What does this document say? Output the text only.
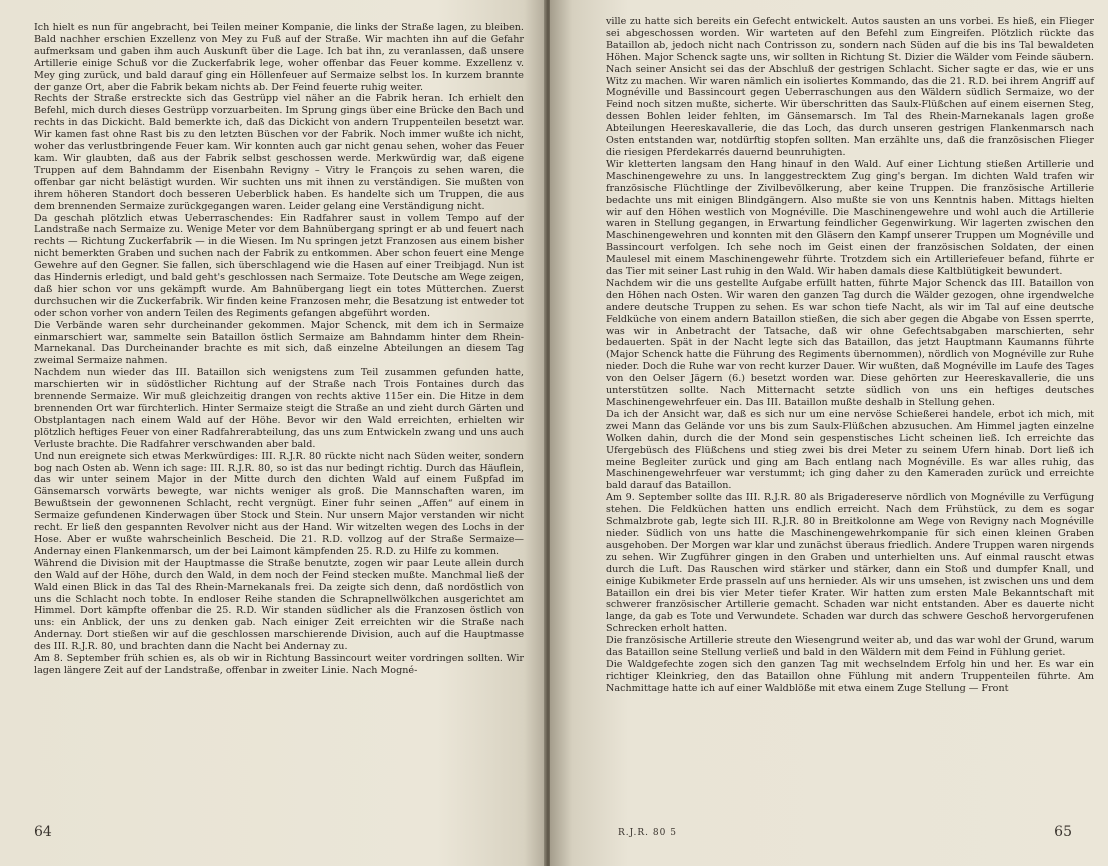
Ich hielt es nun für angebracht, bei Teilen meiner Kompanie, die links der Straße lagen, zu bleiben. Bald nachher erschien Exzellenz von Mey zu Fuß auf der Straße. Wir machten ihn auf die Gefahr aufmerksam und gaben ihm auch Auskunft über die Lage. Ich bat ihn, zu veranlassen, daß unsere Artillerie einige Schuß vor die Zuckerfabrik lege, woher offenbar das Feuer komme. Exzellenz v. Mey ging zurück, und bald darauf ging ein Höllenfeuer auf Sermaize selbst los. In kurzem brannte der ganze Ort, aber die Fabrik bekam nichts ab. Der Feind feuerte ruhig weiter.

Rechts der Straße erstreckte sich das Gestrüpp viel näher an die Fabrik heran. Ich erhielt den Befehl, mich durch dieses Gestrüpp vorzuarbeiten. Im Sprung gings über eine Brücke den Bach und rechts in das Dickicht. Bald bemerkte ich, daß das Dickicht von andern Truppenteilen besetzt war. Wir kamen fast ohne Rast bis zu den letzten Büschen vor der Fabrik. Noch immer wußte ich nicht, woher das verlustbringende Feuer kam. Wir konnten auch gar nicht genau sehen, woher das Feuer kam. Wir glaubten, daß aus der Fabrik selbst geschossen werde. Merkwürdig war, daß eigene Truppen auf dem Bahndamm der Eisenbahn Revigny – Vitry le François zu sehen waren, die offenbar gar nicht belästigt wurden. Wir suchten uns mit ihnen zu verständigen. Sie mußten von ihrem höheren Standort doch besseren Ueberblick haben. Es handelte sich um Truppen, die aus dem brennenden Sermaize zurückgegangen waren. Leider gelang eine Verständigung nicht.

Da geschah plötzlich etwas Ueberraschendes: Ein Radfahrer saust in vollem Tempo auf der Landstraße nach Sermaize zu. Wenige Meter vor dem Bahnübergang springt er ab und feuert nach rechts — Richtung Zuckerfabrik — in die Wiesen. Im Nu springen jetzt Franzosen aus einem bisher nicht bemerkten Graben und suchen nach der Fabrik zu entkommen. Aber schon feuert eine Menge Gewehre auf den Gegner. Sie fallen, sich überschlagend wie die Hasen auf einer Treibjagd. Nun ist das Hindernis erledigt, und bald geht's geschlossen nach Sermaize. Tote Deutsche am Wege zeigen, daß hier schon vor uns gekämpft wurde. Am Bahnübergang liegt ein totes Mütterchen. Zuerst durchsuchen wir die Zuckerfabrik. Wir finden keine Franzosen mehr, die Besatzung ist entweder tot oder schon vorher von andern Teilen des Regiments gefangen abgeführt worden.

Die Verbände waren sehr durcheinander gekommen. Major Schenck, mit dem ich in Sermaize einmarschiert war, sammelte sein Bataillon östlich Sermaize am Bahndamm hinter dem Rhein-Marnekanal. Das Durcheinander brachte es mit sich, daß einzelne Abteilungen an diesem Tag zweimal Sermaize nahmen.

Nachdem nun wieder das III. Bataillon sich wenigstens zum Teil zusammen gefunden hatte, marschierten wir in südöstlicher Richtung auf der Straße nach Trois Fontaines durch das brennende Sermaize. Wir muß gleichzeitig drangen von rechts aktive 115er ein. Die Hitze in dem brennenden Ort war fürchterlich. Hinter Sermaize steigt die Straße an und zieht durch Gärten und Obstplantagen nach einem Wald auf der Höhe. Bevor wir den Wald erreichten, erhielten wir plötzlich heftiges Feuer von einer Radfahrerabteilung, das uns zum Entwickeln zwang und uns auch Verluste brachte. Die Radfahrer verschwanden aber bald.

Und nun ereignete sich etwas Merkwürdiges: III. R.J.R. 80 rückte nicht nach Süden weiter, sondern bog nach Osten ab. Wenn ich sage: III. R.J.R. 80, so ist das nur bedingt richtig. Durch das Häuflein, das wir unter seinem Major in der Mitte durch den dichten Wald auf einem Fußpfad im Gänsemarsch vorwärts bewegte, war nichts weniger als groß. Die Mannschaften waren, im Bewußtsein der gewonnenen Schlacht, recht vergnügt. Einer fuhr seinen „Affen“ auf einem in Sermaize gefundenen Kinderwagen über Stock und Stein. Nur unsern Major verstanden wir nicht recht. Er ließ den gespannten Revolver nicht aus der Hand. Wir witzelten wegen des Lochs in der Hose. Aber er wußte wahrscheinlich Bescheid. Die 21. R.D. vollzog auf der Straße Sermaize—Andernay einen Flankenmarsch, um der bei Laimont kämpfenden 25. R.D. zu Hilfe zu kommen.

Während die Division mit der Hauptmasse die Straße benutzte, zogen wir paar Leute allein durch den Wald auf der Höhe, durch den Wald, in dem noch der Feind stecken mußte. Manchmal ließ der Wald einen Blick in das Tal des Rhein-Marnekanals frei. Da zeigte sich denn, daß nordöstlich von uns die Schlacht noch tobte. In endloser Reihe standen die Schrapnellwölkchen ausgerichtet am Himmel. Dort kämpfte offenbar die 25. R.D. Wir standen südlicher als die Franzosen östlich von uns: ein Anblick, der uns zu denken gab. Nach einiger Zeit erreichten wir die Straße nach Andernay. Dort stießen wir auf die geschlossen marschierende Division, auch auf die Hauptmasse des III. R.J.R. 80, und brachten dann die Nacht bei Andernay zu.

Am 8. September früh schien es, als ob wir in Richtung Bassincourt weiter vordringen sollten. Wir lagen längere Zeit auf der Landstraße, offenbar in zweiter Linie. Nach Mogné-

64

ville zu hatte sich bereits ein Gefecht entwickelt. Autos sausten an uns vorbei. Es hieß, ein Flieger sei abgeschossen worden. Wir warteten auf den Befehl zum Eingreifen. Plötzlich rückte das Bataillon ab, jedoch nicht nach Contrisson zu, sondern nach Süden auf die bis ins Tal bewaldeten Höhen. Major Schenck sagte uns, wir sollten in Richtung St. Dizier die Wälder vom Feinde säubern. Nach seiner Ansicht sei das der Abschluß der gestrigen Schlacht. Sicher sagte er das, wie er uns Witz zu machen. Wir waren nämlich ein isoliertes Kommando, das die 21. R.D. bei ihrem Angriff auf Mognéville und Bassincourt gegen Ueberraschungen aus den Wäldern südlich Sermaize, wo der Feind noch sitzen mußte, sicherte. Wir überschritten das Saulx-Flüßchen auf einem eisernen Steg, dessen Bohlen leider fehlten, im Gänsemarsch. Im Tal des Rhein-Marnekanals lagen große Abteilungen Heereskavallerie, die das Loch, das durch unseren gestrigen Flankenmarsch nach Osten entstanden war, notdürftig stopfen sollten. Man erzählte uns, daß die französischen Flieger die riesigen Pferdekarrés dauernd beunruhigten.

Wir kletterten langsam den Hang hinauf in den Wald. Auf einer Lichtung stießen Artillerie und Maschinengewehre zu uns. In langgestrecktem Zug ging's bergan. Im dichten Wald trafen wir französische Flüchtlinge der Zivilbevölkerung, aber keine Truppen. Die französische Artillerie bedachte uns mit einigen Blindgängern. Also mußte sie von uns Kenntnis haben. Mittags hielten wir auf den Höhen westlich von Mognéville. Die Maschinengewehre und wohl auch die Artillerie waren in Stellung gegangen, in Erwartung feindlicher Gegenwirkung. Wir lagerten zwischen den Maschinengewehren und konnten mit den Gläsern den Kampf unserer Truppen um Mognéville und Bassincourt verfolgen. Ich sehe noch im Geist einen der französischen Soldaten, der einen Maulesel mit einem Maschinengewehr führte. Trotzdem sich ein Artilleriefeuer befand, führte er das Tier mit seiner Last ruhig in den Wald. Wir haben damals diese Kaltblütigkeit bewundert.

Nachdem wir die uns gestellte Aufgabe erfüllt hatten, führte Major Schenck das III. Bataillon von den Höhen nach Osten. Wir waren den ganzen Tag durch die Wälder gezogen, ohne irgendwelche andere deutsche Truppen zu sehen. Es war schon tiefe Nacht, als wir im Tal auf eine deutsche Feldküche von einem andern Bataillon stießen, die sich aber gegen die Abgabe von Essen sperrte, was wir in Anbetracht der Tatsache, daß wir ohne Gefechtsabgaben marschierten, sehr bedauerten. Spät in der Nacht legte sich das Bataillon, das jetzt Hauptmann Kaumanns führte (Major Schenck hatte die Führung des Regiments übernommen), nördlich von Mognéville zur Ruhe nieder. Doch die Ruhe war von recht kurzer Dauer. Wir wußten, daß Mognéville im Laufe des Tages von den Oelser Jägern (6.) besetzt worden war. Diese gehörten zur Heereskavallerie, die uns unterstützen sollte. Nach Mitternacht setzte südlich von uns ein heftiges deutsches Maschinengewehrfeuer ein. Das III. Bataillon mußte deshalb in Stellung gehen.

Da ich der Ansicht war, daß es sich nur um eine nervöse Schießerei handele, erbot ich mich, mit zwei Mann das Gelände vor uns bis zum Saulx-Flüßchen abzusuchen. Am Himmel jagten einzelne Wolken dahin, durch die der Mond sein gespenstisches Licht scheinen ließ. Ich erreichte das Ufergebüsch des Flüßchens und stieg zwei bis drei Meter zu seinem Ufern hinab. Dort ließ ich meine Begleiter zurück und ging am Bach entlang nach Mognéville. Es war alles ruhig, das Maschinengewehrfeuer war verstummt; ich ging daher zu den Kameraden zurück und erreichte bald darauf das Bataillon.

Am 9. September sollte das III. R.J.R. 80 als Brigadereserve nördlich von Mognéville zu Verfügung stehen. Die Feldküchen hatten uns endlich erreicht. Nach dem Frühstück, zu dem es sogar Schmalzbrote gab, legte sich III. R.J.R. 80 in Breitkolonne am Wege von Revigny nach Mognéville nieder. Südlich von uns hatte die Maschinengewehrkompanie für sich einen kleinen Graben ausgehoben. Der Morgen war klar und zunächst überaus friedlich. Andere Truppen waren nirgends zu sehen. Wir Zugführer gingen in den Graben und unterhielten uns. Auf einmal rauscht etwas durch die Luft. Das Rauschen wird stärker und stärker, dann ein Stoß und dumpfer Knall, und einige Kubikmeter Erde prasseln auf uns hernieder. Als wir uns umsehen, ist zwischen uns und dem Bataillon ein drei bis vier Meter tiefer Krater. Wir hatten zum ersten Male Bekanntschaft mit schwerer französischer Artillerie gemacht. Schaden war nicht entstanden. Aber es dauerte nicht lange, da gab es Tote und Verwundete. Schaden war durch das schwere Geschoß hervorgerufenen Schrecken erholt hatten.

Die französische Artillerie streute den Wiesengrund weiter ab, und das war wohl der Grund, warum das Bataillon seine Stellung verließ und bald in den Wäldern mit dem Feind in Fühlung geriet.

Die Waldgefechte zogen sich den ganzen Tag mit wechselndem Erfolg hin und her. Es war ein richtiger Kleinkrieg, den das Bataillon ohne Fühlung mit andern Truppenteilen führte. Am Nachmittage hatte ich auf einer Waldblöße mit etwa einem Zuge Stellung — Front

65
R.J.R. 80 5
